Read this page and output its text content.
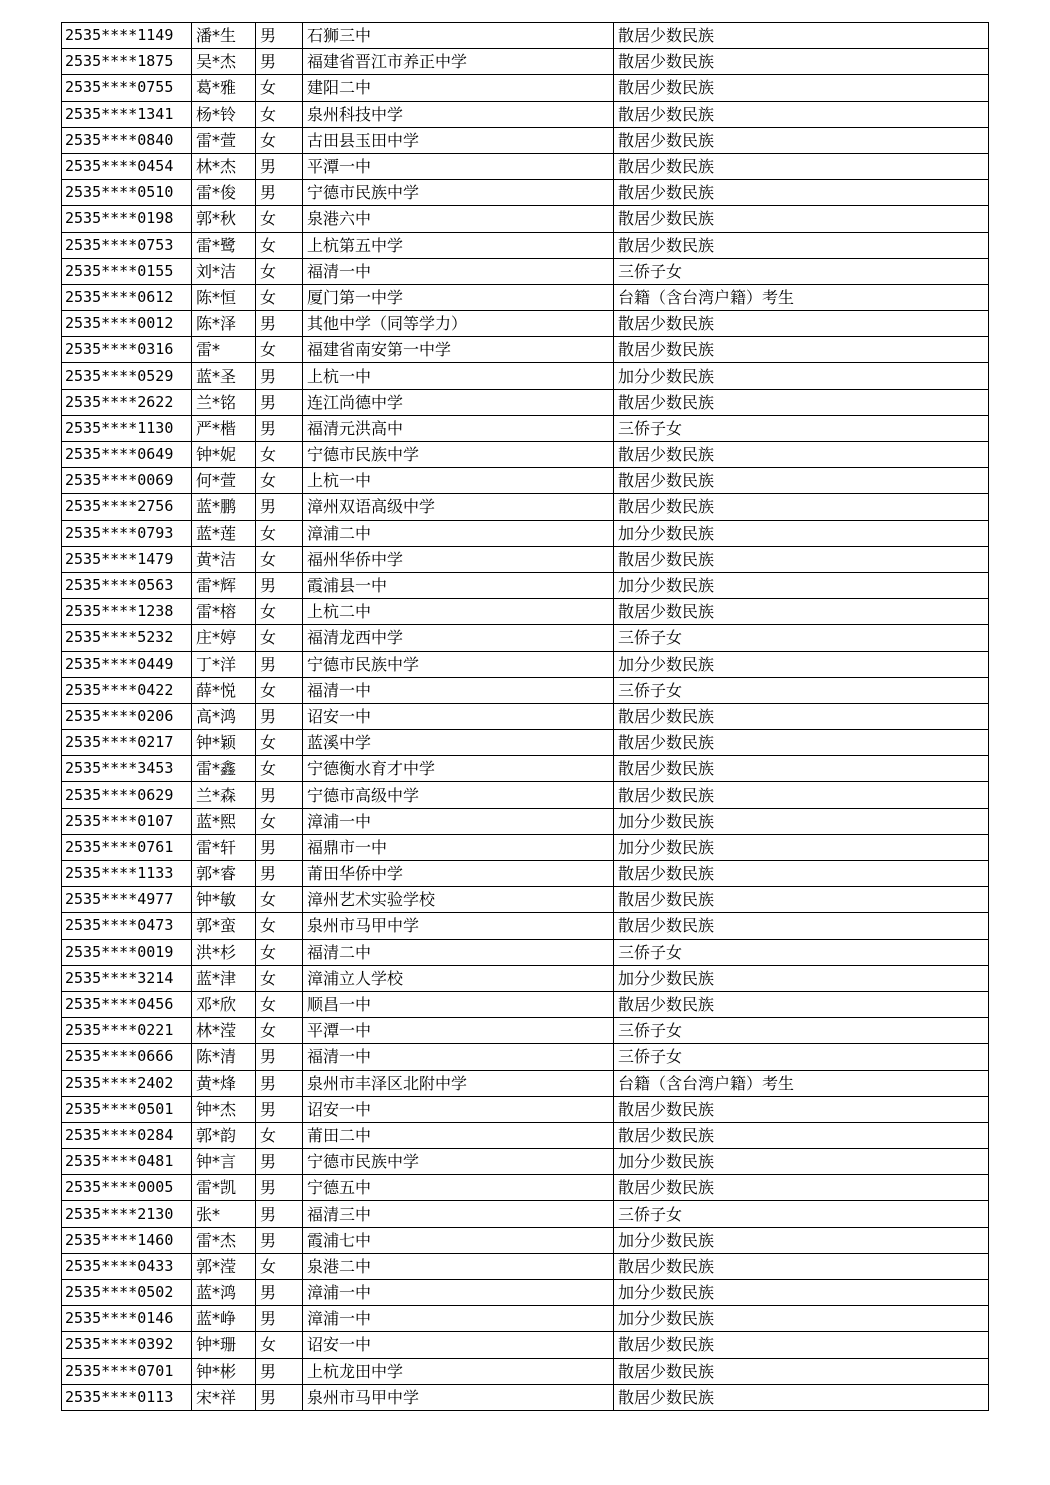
2535****1149	潘*生	男	石狮三中	散居少数民族
2535****1875	吴*杰	男	福建省晋江市养正中学	散居少数民族
2535****0755	葛*雅	女	建阳二中	散居少数民族
2535****1341	杨*铃	女	泉州科技中学	散居少数民族
2535****0840	雷*萱	女	古田县玉田中学	散居少数民族
2535****0454	林*杰	男	平潭一中	散居少数民族
2535****0510	雷*俊	男	宁德市民族中学	散居少数民族
2535****0198	郭*秋	女	泉港六中	散居少数民族
2535****0753	雷*鹭	女	上杭第五中学	散居少数民族
2535****0155	刘*洁	女	福清一中	三侨子女
2535****0612	陈*恒	女	厦门第一中学	台籍（含台湾户籍）考生
2535****0012	陈*泽	男	其他中学（同等学力）	散居少数民族
2535****0316	雷*	女	福建省南安第一中学	散居少数民族
2535****0529	蓝*圣	男	上杭一中	加分少数民族
2535****2622	兰*铭	男	连江尚德中学	散居少数民族
2535****1130	严*楷	男	福清元洪高中	三侨子女
2535****0649	钟*妮	女	宁德市民族中学	散居少数民族
2535****0069	何*萱	女	上杭一中	散居少数民族
2535****2756	蓝*鹏	男	漳州双语高级中学	散居少数民族
2535****0793	蓝*莲	女	漳浦二中	加分少数民族
2535****1479	黄*洁	女	福州华侨中学	散居少数民族
2535****0563	雷*辉	男	霞浦县一中	加分少数民族
2535****1238	雷*榕	女	上杭二中	散居少数民族
2535****5232	庄*婷	女	福清龙西中学	三侨子女
2535****0449	丁*洋	男	宁德市民族中学	加分少数民族
2535****0422	薛*悦	女	福清一中	三侨子女
2535****0206	高*鸿	男	诏安一中	散居少数民族
2535****0217	钟*颖	女	蓝溪中学	散居少数民族
2535****3453	雷*鑫	女	宁德衡水育才中学	散居少数民族
2535****0629	兰*森	男	宁德市高级中学	散居少数民族
2535****0107	蓝*熙	女	漳浦一中	加分少数民族
2535****0761	雷*轩	男	福鼎市一中	加分少数民族
2535****1133	郭*睿	男	莆田华侨中学	散居少数民族
2535****4977	钟*敏	女	漳州艺术实验学校	散居少数民族
2535****0473	郭*蛮	女	泉州市马甲中学	散居少数民族
2535****0019	洪*杉	女	福清二中	三侨子女
2535****3214	蓝*津	女	漳浦立人学校	加分少数民族
2535****0456	邓*欣	女	顺昌一中	散居少数民族
2535****0221	林*滢	女	平潭一中	三侨子女
2535****0666	陈*清	男	福清一中	三侨子女
2535****2402	黄*烽	男	泉州市丰泽区北附中学	台籍（含台湾户籍）考生
2535****0501	钟*杰	男	诏安一中	散居少数民族
2535****0284	郭*韵	女	莆田二中	散居少数民族
2535****0481	钟*言	男	宁德市民族中学	加分少数民族
2535****0005	雷*凯	男	宁德五中	散居少数民族
2535****2130	张*	男	福清三中	三侨子女
2535****1460	雷*杰	男	霞浦七中	加分少数民族
2535****0433	郭*滢	女	泉港二中	散居少数民族
2535****0502	蓝*鸿	男	漳浦一中	加分少数民族
2535****0146	蓝*峥	男	漳浦一中	加分少数民族
2535****0392	钟*珊	女	诏安一中	散居少数民族
2535****0701	钟*彬	男	上杭龙田中学	散居少数民族
2535****0113	宋*祥	男	泉州市马甲中学	散居少数民族
